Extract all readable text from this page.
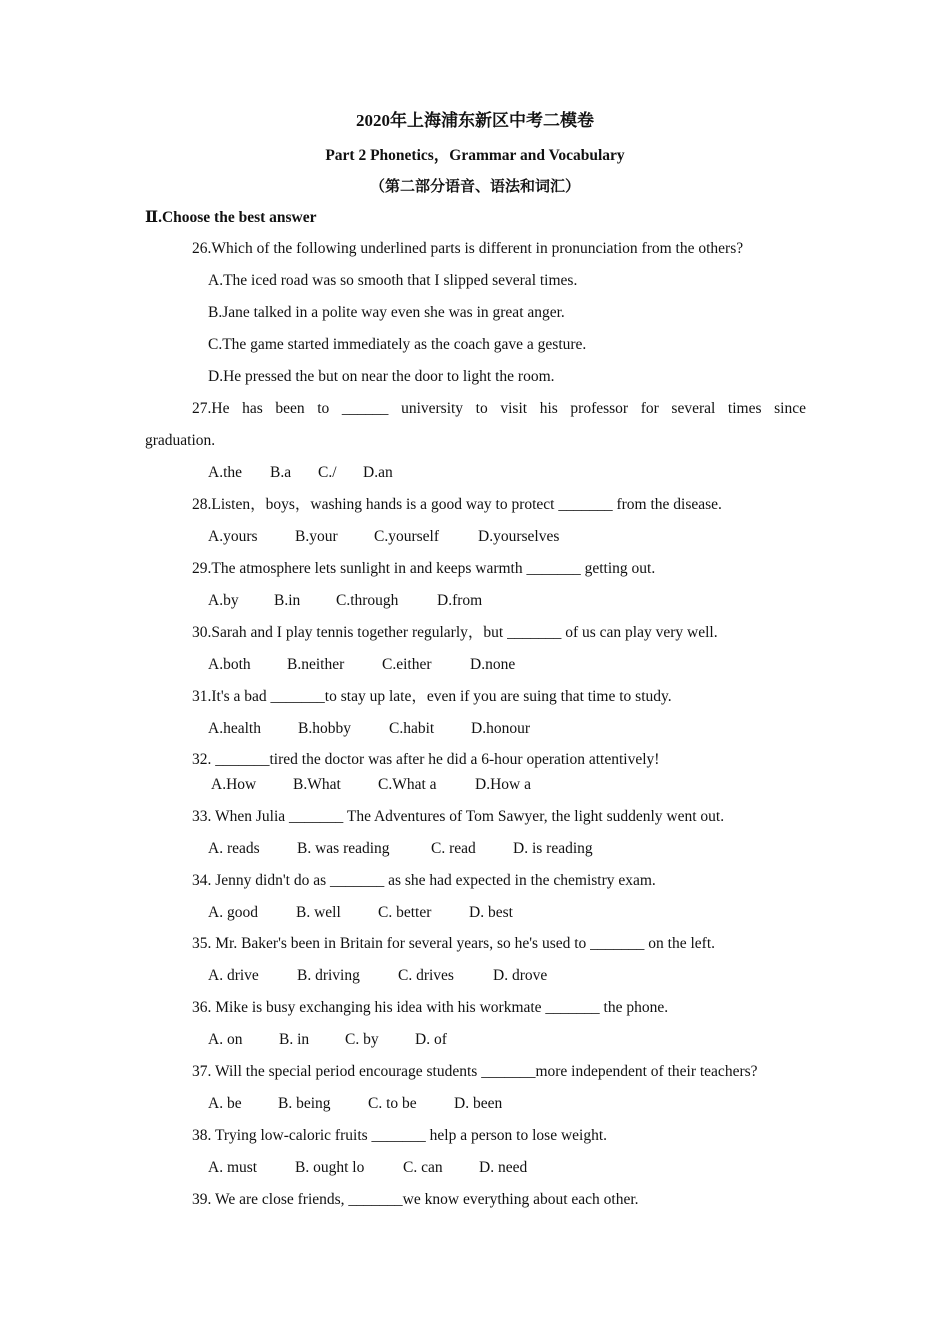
2020年上海浦东新区中考二模卷
Part 2 Phonetics，Grammar and Vocabulary
（第二部分语音、语法和词汇）
Ⅱ.Choose the best answer
26.Which of the following underlined parts is different in pronunciation from the others?
A.The iced road was so smooth that I slipped several times.
B.Jane talked in a polite way even she was in great anger.
C.The game started immediately as the coach gave a gesture.
D.He pressed the but on near the door to light the room.
27.He has been to ______ university to visit his professor for several times since
graduation.
A.the B.a C./ D.an
28.Listen，boys，washing hands is a good way to protect _______ from the disease.
A.yours B.your C.yourself	D.yourselves
29.The atmosphere lets sunlight in and keeps warmth _______ getting out.
A.by B.in C.through D.from
30.Sarah and I play tennis together regularly，but _______ of us can play very well.
A.both B.neither C.either D.none
31.It's a bad _______to stay up late，even if you are suing that time to study.
A.health B.hobby C.habit D.honour
32. _______tired the doctor was after he did a 6-hour operation attentively!
A.How B.What C.What a D.How a
33. When Julia _______ The Adventures of Tom Sawyer, the light suddenly went out.
A. reads B. was reading	C. read D. is reading
34. Jenny didn't do as _______ as she had expected in the chemistry exam.
A. good B. well C. better D. best
35. Mr. Baker's been in Britain for several years, so he's used to _______ on the left.
A. drive B. driving C. drives	D. drove
36. Mike is busy exchanging his idea with his workmate _______ the phone.
A. on B. in C. by D. of
37. Will the special period encourage students _______more independent of their teachers?
A. be B. being C. to be D. been
38. Trying low-caloric fruits _______ help a person to lose weight.
A. must B. ought lo C. can D. need
39. We are close friends, _______we know everything about each other.
